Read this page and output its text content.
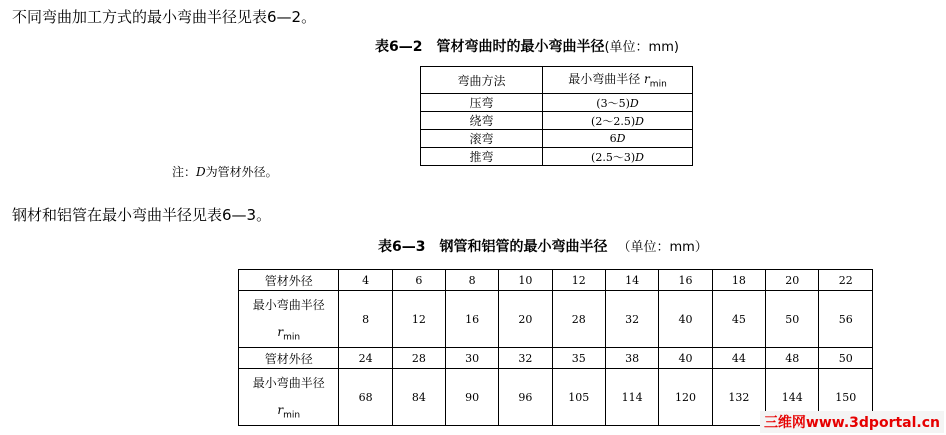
不同弯曲加工方式的最小弯曲半径见表6—2。
表6—2　管材弯曲时的最小弯曲半径(单位：mm)
弯曲方法	最小弯曲半径 $r_{min}$
压弯	(3～5)D
绕弯	(2～2.5)D
滚弯	6D
推弯	(2.5～3)D
注：D为管材外径。
钢材和铝管在最小弯曲半径见表6—3。
表6—3　钢管和铝管的最小弯曲半径 （单位：mm）
管材外径	4	6	8	10	12	14	16	18	20	22
最小弯曲半径
$r_{min}$	8	12	16	20	28	32	40	45	50	56
管材外径	24	28	30	32	35	38	40	44	48	50
最小弯曲半径
$r_{min}$	68	84	90	96	105	114	120	132	144	150
三维网www.3dportal.cn
